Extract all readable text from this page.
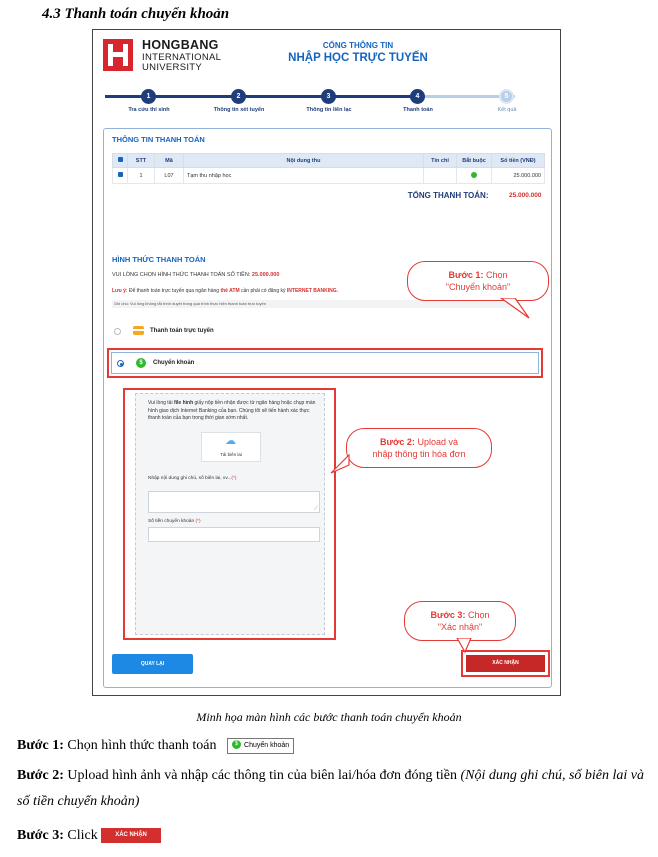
4.3 Thanh toán chuyển khoản
HONGBANG
INTERNATIONAL
UNIVERSITY
CỔNG THÔNG TIN
NHẬP HỌC TRỰC TUYẾN
1	2	3	4	5
Tra cứu thí sinh	Thông tin xét tuyển	Thông tin liên lạc	Thanh toán	Kết quả
THÔNG TIN THANH TOÁN
	STT	Mã	Nội dung thu	Tín chỉ	Bắt buộc	Số tiền (VNĐ)
	1	L07	Tạm thu nhập học			25.000.000
TỔNG THANH TOÁN:						25.000.000
HÌNH THỨC THANH TOÁN
VUI LÒNG CHỌN HÌNH THỨC THANH TOÁN SỐ TIỀN: 25.000.000
Lưu ý: Để thanh toán trực tuyến qua ngân hàng thẻ ATM cần phải có đăng ký INTERNET BANKING.
Ghi chú: Vui lòng không tắt trình duyệt trong quá trình thực hiện thanh toán trực tuyến
Thanh toán trực tuyến
$	Chuyển khoản
Vui lòng tải file hình giấy nộp tiền nhận được từ ngân hàng hoặc chụp màn hình giao dịch Internet Banking của bạn. Chúng tôi sẽ tiến hành xác thực thanh toán của bạn trong thời gian sớm nhất.
☁
Tải biên lai
Nhập nội dung ghi chú, số biên lai, vv...(*)
⟋
Số tiền chuyển khoản (*)
QUAY LẠI	XÁC NHẬN
Bước 1: Chọn
"Chuyển khoản"
Bước 2: Upload và
nhập thông tin hóa đơn
Bước 3: Chọn
"Xác nhận"
Minh họa màn hình các bước thanh toán chuyển khoản
Bước 1: Chọn hình thức thanh toán	$ Chuyển khoản
Bước 2: Upload hình ảnh và nhập các thông tin của biên lai/hóa đơn đóng tiền (Nội dung ghi chú, số biên lai và số tiền chuyển khoản)
Bước 3: Click	XÁC NHẬN
